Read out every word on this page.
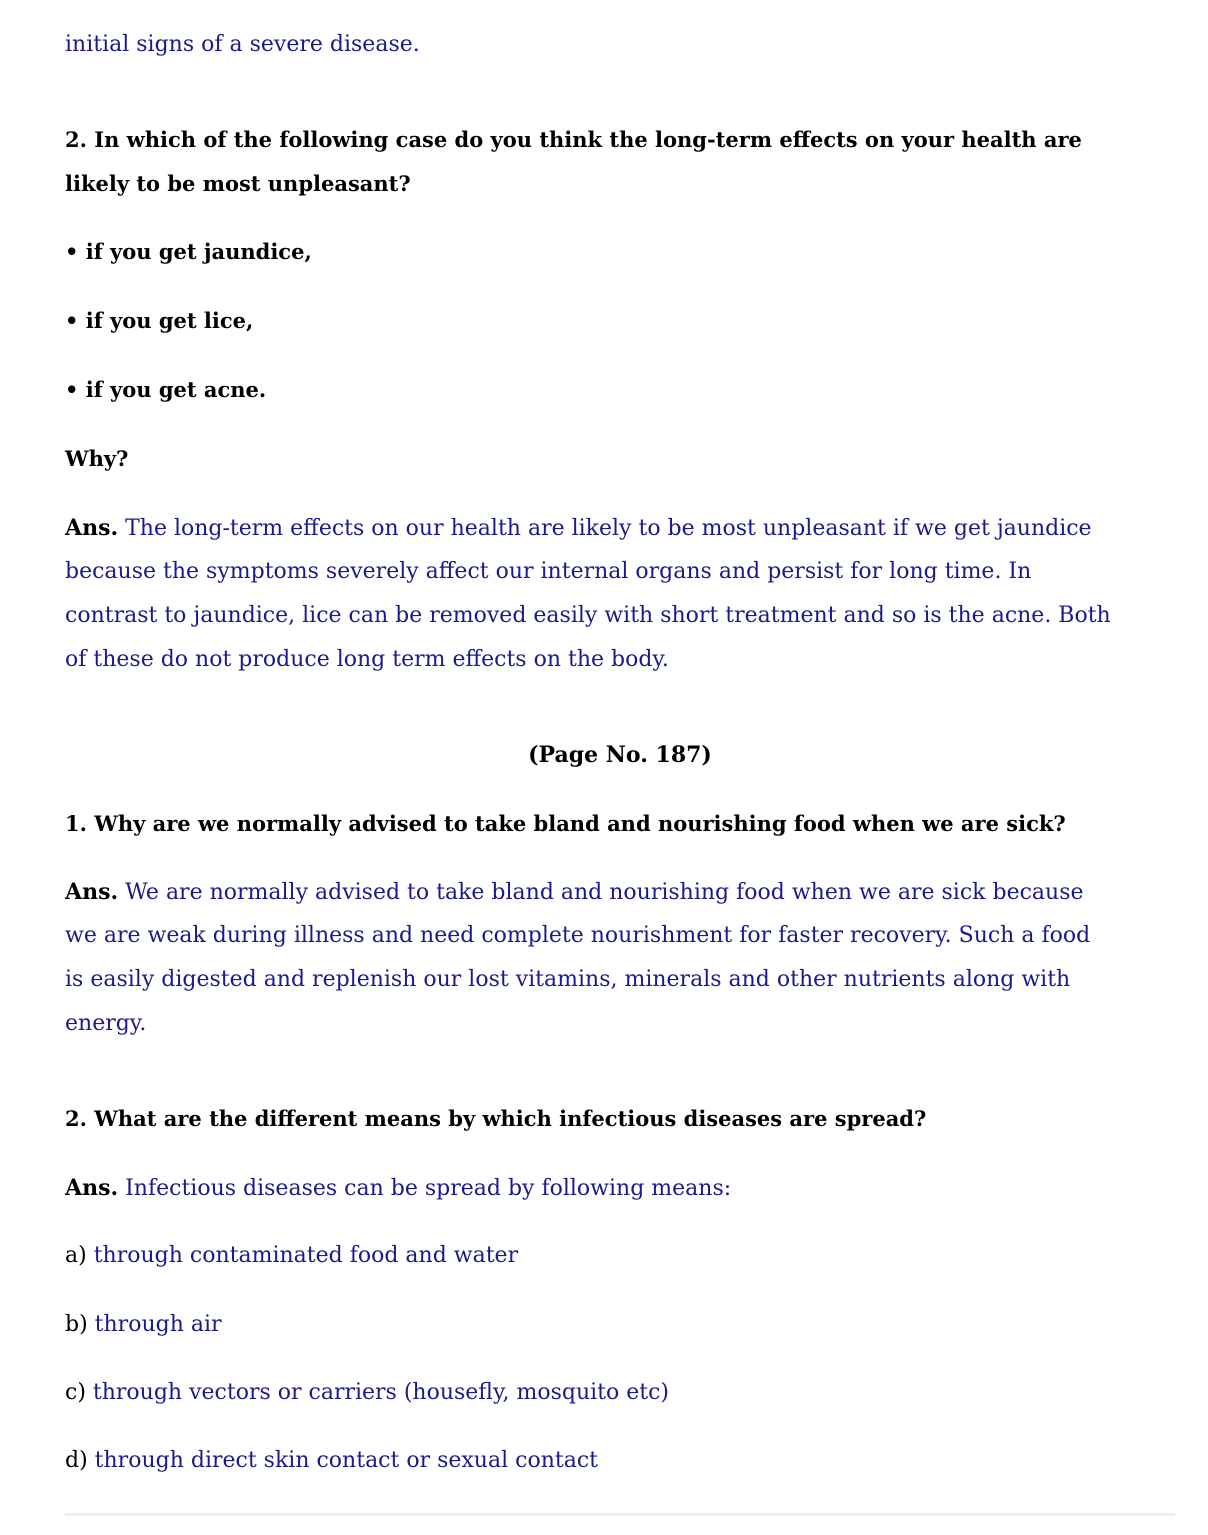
initial signs of a severe disease.
2. In which of the following case do you think the long-term effects on your health are
likely to be most unpleasant?
• if you get jaundice,
• if you get lice,
• if you get acne.
Why?
Ans. The long-term effects on our health are likely to be most unpleasant if we get jaundice
because the symptoms severely affect our internal organs and persist for long time. In
contrast to jaundice, lice can be removed easily with short treatment and so is the acne. Both
of these do not produce long term effects on the body.
(Page No. 187)
1. Why are we normally advised to take bland and nourishing food when we are sick?
Ans. We are normally advised to take bland and nourishing food when we are sick because
we are weak during illness and need complete nourishment for faster recovery. Such a food
is easily digested and replenish our lost vitamins, minerals and other nutrients along with
energy.
2. What are the different means by which infectious diseases are spread?
Ans. Infectious diseases can be spread by following means:
a) through contaminated food and water
b) through air
c) through vectors or carriers (housefly, mosquito etc)
d) through direct skin contact or sexual contact
